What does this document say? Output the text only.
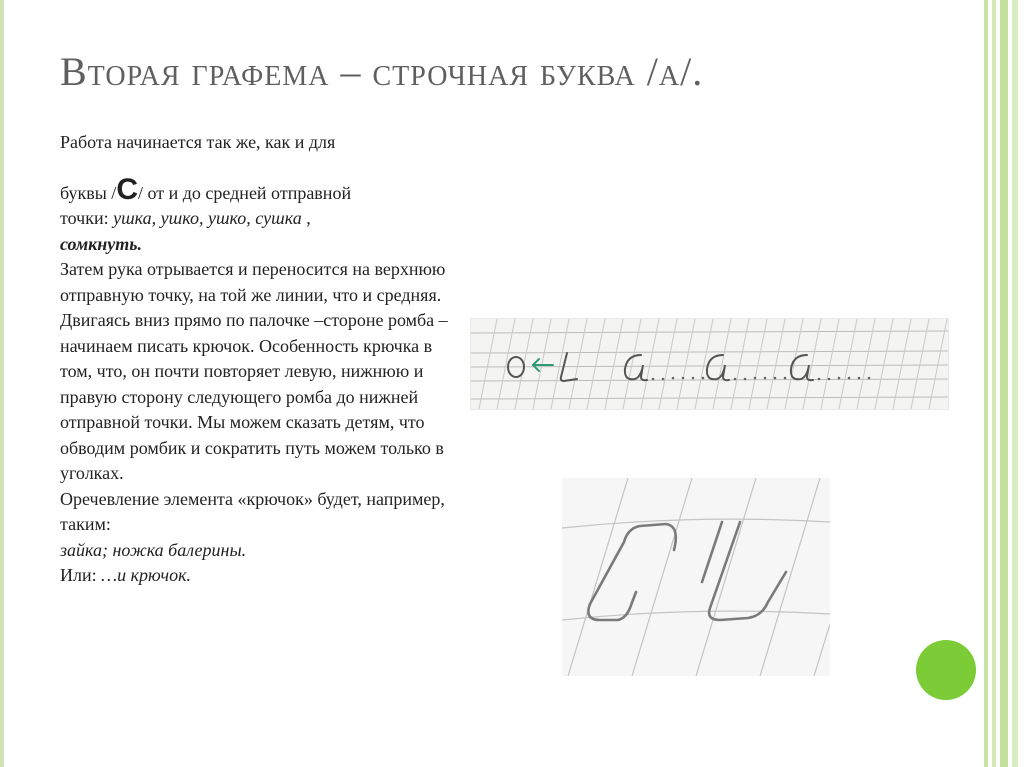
Вторая графема – строчная буква /а/.
Работа начинается так же, как и для
буквы /С/ от и до средней отправной
точки: ушка, ушко, ушко, сушка ,
сомкнуть.
Затем рука отрывается и переносится на верхнюю отправную точку, на той же линии, что и средняя. Двигаясь вниз прямо по палочке –стороне ромба – начинаем писать крючок. Особенность крючка в том, что, он почти повторяет левую, нижнюю и правую сторону следующего ромба до нижней отправной точки. Мы можем сказать детям, что обводим ромбик и сократить путь можем только в уголках.
Оречевление элемента «крючок» будет, например, таким:
зайка; ножка балерины.
Или: …и крючок.
